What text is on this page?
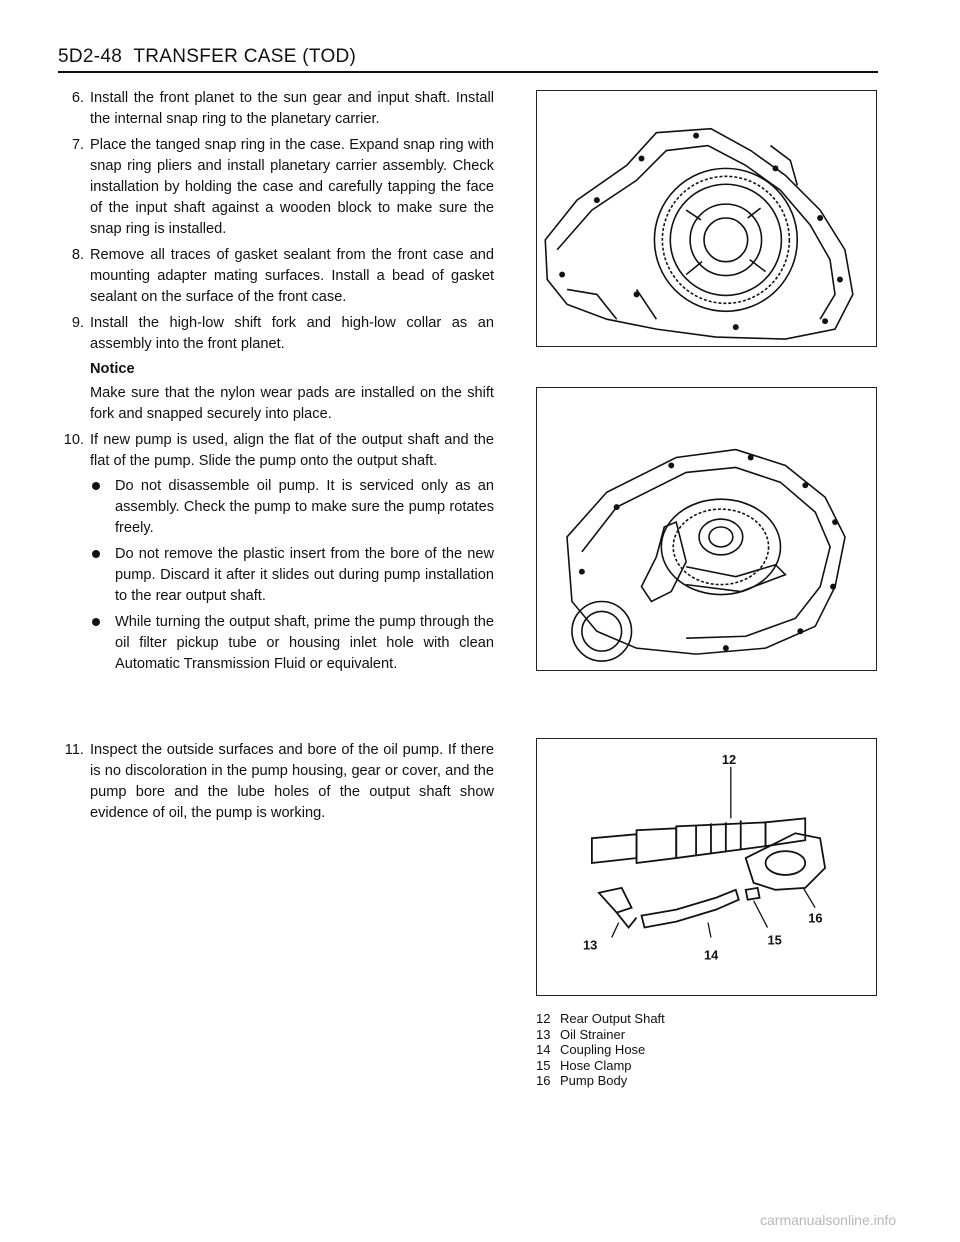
5D2-48 TRANSFER CASE (TOD)
6. Install the front planet to the sun gear and input shaft. Install the internal snap ring to the planetary carrier.
7. Place the tanged snap ring in the case. Expand snap ring with snap ring pliers and install planetary carrier assembly. Check installation by holding the case and carefully tapping the face of the input shaft against a wooden block to make sure the snap ring is installed.
8. Remove all traces of gasket sealant from the front case and mounting adapter mating surfaces. Install a bead of gasket sealant on the surface of the front case.
9. Install the high-low shift fork and high-low collar as an assembly into the front planet.
Notice
Make sure that the nylon wear pads are installed on the shift fork and snapped securely into place.
10. If new pump is used, align the flat of the output shaft and the flat of the pump. Slide the pump onto the output shaft.
Do not disassemble oil pump. It is serviced only as an assembly. Check the pump to make sure the pump rotates freely.
Do not remove the plastic insert from the bore of the new pump. Discard it after it slides out during pump installation to the rear output shaft.
While turning the output shaft, prime the pump through the oil filter pickup tube or housing inlet hole with clean Automatic Transmission Fluid or equivalent.
11. Inspect the outside surfaces and bore of the oil pump. If there is no discoloration in the pump housing, gear or cover, and the pump bore and the lube holes of the output shaft show evidence of oil, the pump is working.
12
13
14
15
16
12 Rear Output Shaft
13 Oil Strainer
14 Coupling Hose
15 Hose Clamp
16 Pump Body
carmanualsonline.info
